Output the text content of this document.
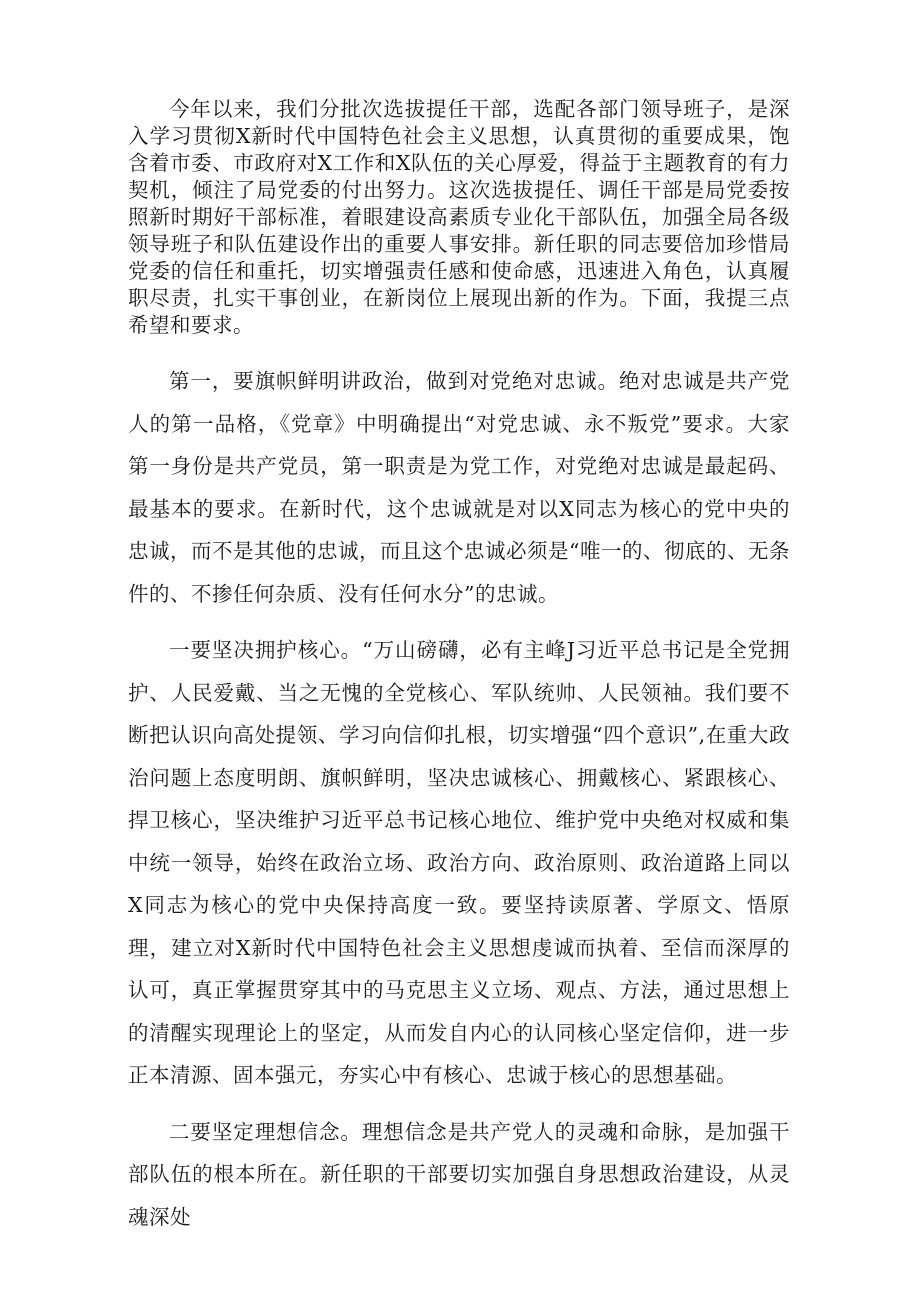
今年以来，我们分批次选拔提任干部，选配各部门领导班子，是深入学习贯彻X新时代中国特色社会主义思想，认真贯彻的重要成果，饱含着市委、市政府对X工作和X队伍的关心厚爱，得益于主题教育的有力契机，倾注了局党委的付出努力。这次选拔提任、调任干部是局党委按照新时期好干部标准，着眼建设高素质专业化干部队伍，加强全局各级领导班子和队伍建设作出的重要人事安排。新任职的同志要倍加珍惜局党委的信任和重托，切实增强责任感和使命感，迅速进入角色，认真履职尽责，扎实干事创业，在新岗位上展现出新的作为。下面，我提三点希望和要求。

第一，要旗帜鲜明讲政治，做到对党绝对忠诚。绝对忠诚是共产党人的第一品格，《党章》中明确提出“对党忠诚、永不叛党”要求。大家第一身份是共产党员，第一职责是为党工作，对党绝对忠诚是最起码、最基本的要求。在新时代，这个忠诚就是对以X同志为核心的党中央的忠诚，而不是其他的忠诚，而且这个忠诚必须是“唯一的、彻底的、无条件的、不掺任何杂质、没有任何水分”的忠诚。

一要坚决拥护核心。“万山磅礴，必有主峰J习近平总书记是全党拥护、人民爱戴、当之无愧的全党核心、军队统帅、人民领袖。我们要不断把认识向高处提领、学习向信仰扎根，切实增强“四个意识”,在重大政治问题上态度明朗、旗帜鲜明，坚决忠诚核心、拥戴核心、紧跟核心、捍卫核心，坚决维护习近平总书记核心地位、维护党中央绝对权威和集中统一领导，始终在政治立场、政治方向、政治原则、政治道路上同以X同志为核心的党中央保持高度一致。要坚持读原著、学原文、悟原理，建立对X新时代中国特色社会主义思想虔诚而执着、至信而深厚的认可，真正掌握贯穿其中的马克思主义立场、观点、方法，通过思想上的清醒实现理论上的坚定，从而发自内心的认同核心坚定信仰，进一步正本清源、固本强元，夯实心中有核心、忠诚于核心的思想基础。

二要坚定理想信念。理想信念是共产党人的灵魂和命脉，是加强干部队伍的根本所在。新任职的干部要切实加强自身思想政治建设，从灵魂深处
